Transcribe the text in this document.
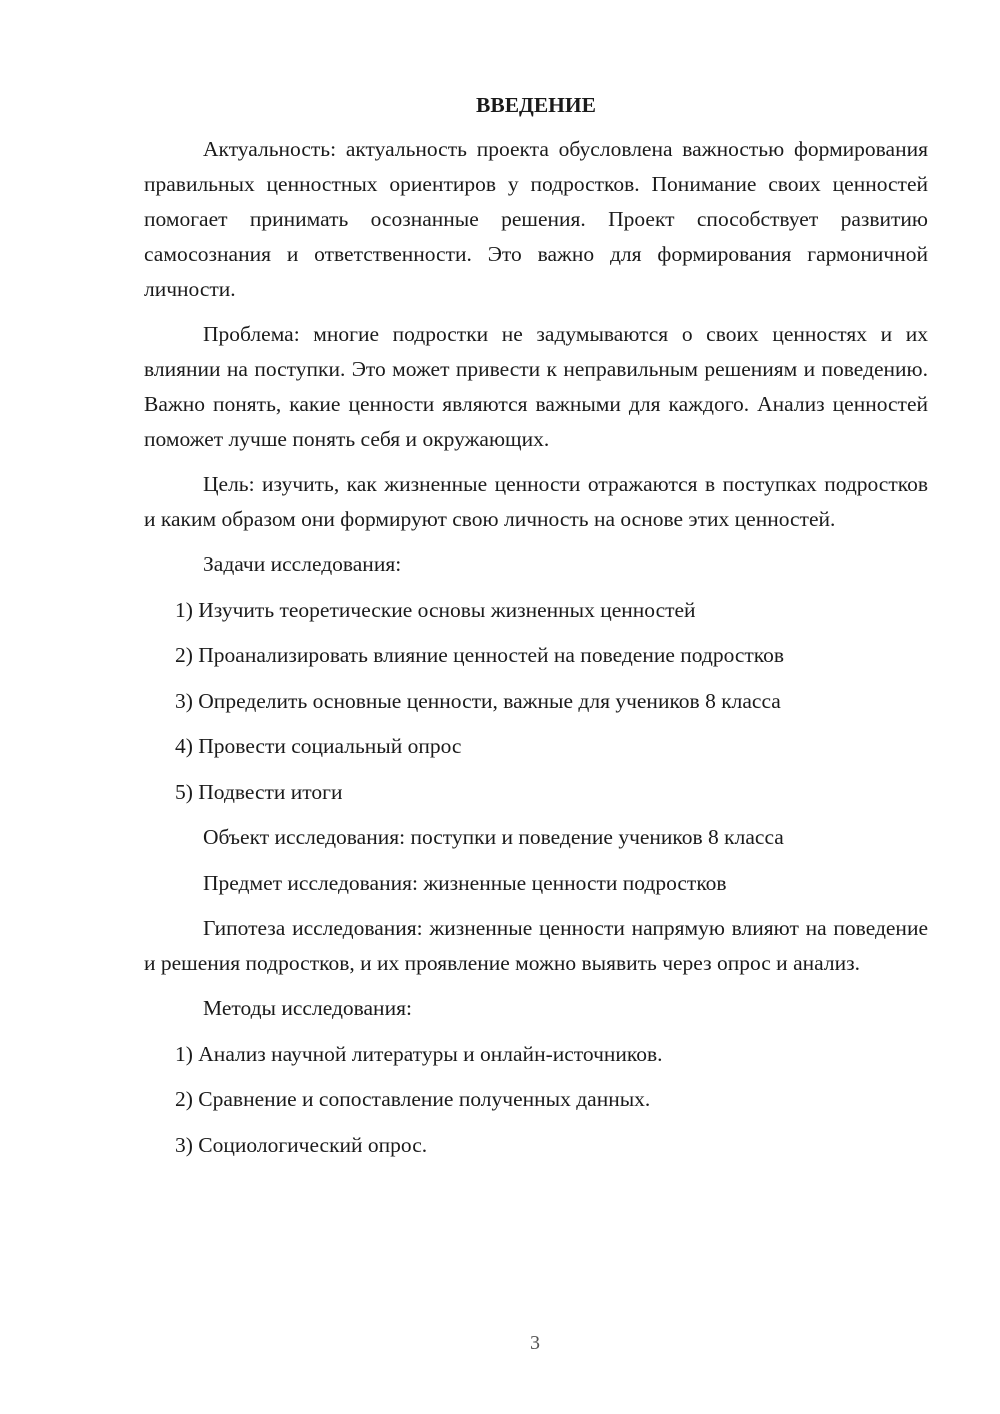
ВВЕДЕНИЕ

Актуальность: актуальность проекта обусловлена важностью формирования правильных ценностных ориентиров у подростков. Понимание своих ценностей помогает принимать осознанные решения. Проект способствует развитию самосознания и ответственности. Это важно для формирования гармоничной личности.

Проблема: многие подростки не задумываются о своих ценностях и их влиянии на поступки. Это может привести к неправильным решениям и поведению. Важно понять, какие ценности являются важными для каждого. Анализ ценностей поможет лучше понять себя и окружающих.

Цель: изучить, как жизненные ценности отражаются в поступках подростков и каким образом они формируют свою личность на основе этих ценностей.

Задачи исследования:
1) Изучить теоретические основы жизненных ценностей
2) Проанализировать влияние ценностей на поведение подростков
3) Определить основные ценности, важные для учеников 8 класса
4) Провести социальный опрос
5) Подвести итоги
Объект исследования: поступки и поведение учеников 8 класса
Предмет исследования: жизненные ценности подростков

Гипотеза исследования: жизненные ценности напрямую влияют на поведение и решения подростков, и их проявление можно выявить через опрос и анализ.

Методы исследования:
1) Анализ научной литературы и онлайн-источников.
2) Сравнение и сопоставление полученных данных.
3) Социологический опрос.
3
